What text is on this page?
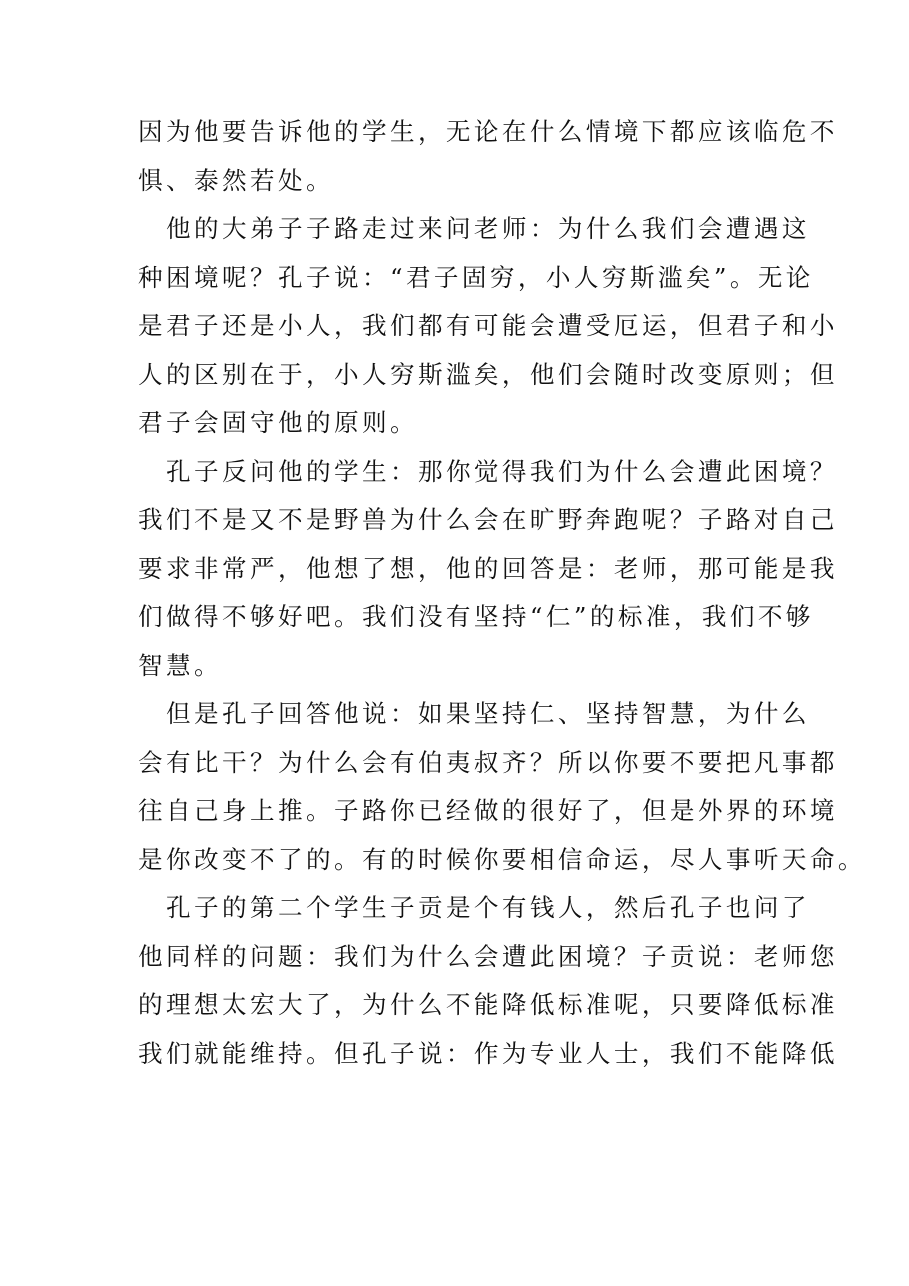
因为他要告诉他的学生，无论在什么情境下都应该临危不
惧、泰然若处。
他的大弟子子路走过来问老师：为什么我们会遭遇这
种困境呢？孔子说：“君子固穷，小人穷斯滥矣”。无论
是君子还是小人，我们都有可能会遭受厄运，但君子和小
人的区别在于，小人穷斯滥矣，他们会随时改变原则；但
君子会固守他的原则。
孔子反问他的学生：那你觉得我们为什么会遭此困境？
我们不是又不是野兽为什么会在旷野奔跑呢？子路对自己
要求非常严，他想了想，他的回答是：老师，那可能是我
们做得不够好吧。我们没有坚持“仁”的标准，我们不够
智慧。
但是孔子回答他说：如果坚持仁、坚持智慧，为什么
会有比干？为什么会有伯夷叔齐？所以你要不要把凡事都
往自己身上推。子路你已经做的很好了，但是外界的环境
是你改变不了的。有的时候你要相信命运，尽人事听天命。
孔子的第二个学生子贡是个有钱人，然后孔子也问了
他同样的问题：我们为什么会遭此困境？子贡说：老师您
的理想太宏大了，为什么不能降低标准呢，只要降低标准
我们就能维持。但孔子说：作为专业人士，我们不能降低
